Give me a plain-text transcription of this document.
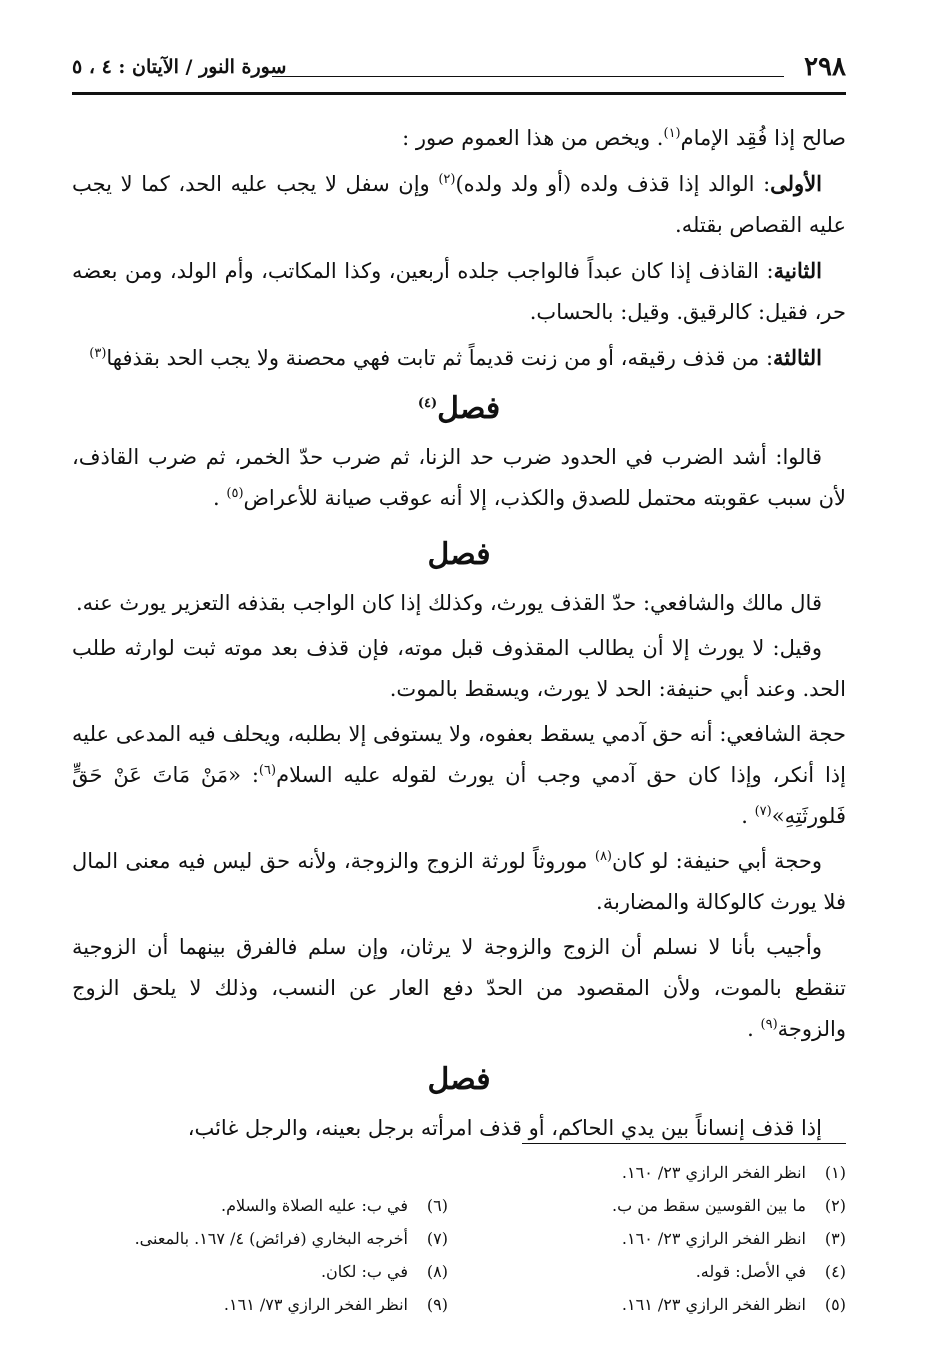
٢٩٨
سورة النور / الآيتان : ٤ ، ٥

صالح إذا فُقِد الإمام$^{(١)}$. ويخص من هذا العموم صور :

الأولى: الوالد إذا قذف ولده (أو ولد ولده)$^{(٢)}$ وإن سفل لا يجب عليه الحد، كما لا يجب عليه القصاص بقتله.

الثانية: القاذف إذا كان عبداً فالواجب جلده أربعين، وكذا المكاتب، وأم الولد، ومن بعضه حر، فقيل: كالرقيق. وقيل: بالحساب.

الثالثة: من قذف رقيقه، أو من زنت قديماً ثم تابت فهي محصنة ولا يجب الحد بقذفها$^{(٣)}$

فصل$^{(٤)}$

قالوا: أشد الضرب في الحدود ضرب حد الزنا، ثم ضرب حدّ الخمر، ثم ضرب القاذف، لأن سبب عقوبته محتمل للصدق والكذب، إلا أنه عوقب صيانة للأعراض$^{(٥)}$ .

فصل

قال مالك والشافعي: حدّ القذف يورث، وكذلك إذا كان الواجب بقذفه التعزير يورث عنه.

وقيل: لا يورث إلا أن يطالب المقذوف قبل موته، فإن قذف بعد موته ثبت لوارثه طلب الحد. وعند أبي حنيفة: الحد لا يورث، ويسقط بالموت.

حجة الشافعي: أنه حق آدمي يسقط بعفوه، ولا يستوفى إلا بطلبه، ويحلف فيه المدعى عليه إذا أنكر، وإذا كان حق آدمي وجب أن يورث لقوله عليه السلام$^{(٦)}$: «مَنْ مَاتَ عَنْ حَقٍّ فَلورثَتِهِ»$^{(٧)}$ .

وحجة أبي حنيفة: لو كان$^{(٨)}$ موروثاً لورثة الزوج والزوجة، ولأنه حق ليس فيه معنى المال فلا يورث كالوكالة والمضاربة.

وأجيب بأنا لا نسلم أن الزوج والزوجة لا يرثان، وإن سلم فالفرق بينهما أن الزوجية تنقطع بالموت، ولأن المقصود من الحدّ دفع العار عن النسب، وذلك لا يلحق الزوج والزوجة$^{(٩)}$ .

فصل

إذا قذف إنساناً بين يدي الحاكم، أو قذف امرأته برجل بعينه، والرجل غائب،

(١)انظر الفخر الرازي ٢٣/ ١٦٠.
(٢)ما بين القوسين سقط من ب.
(٣)انظر الفخر الرازي ٢٣/ ١٦٠.
(٤)في الأصل: قوله.
(٥)انظر الفخر الرازي ٢٣/ ١٦١.
(٦)في ب: عليه الصلاة والسلام.
(٧)أخرجه البخاري (فرائض) ٤/ ١٦٧. بالمعنى.
(٨)في ب: لكان.
(٩)انظر الفخر الرازي ٧٣/ ١٦١.
